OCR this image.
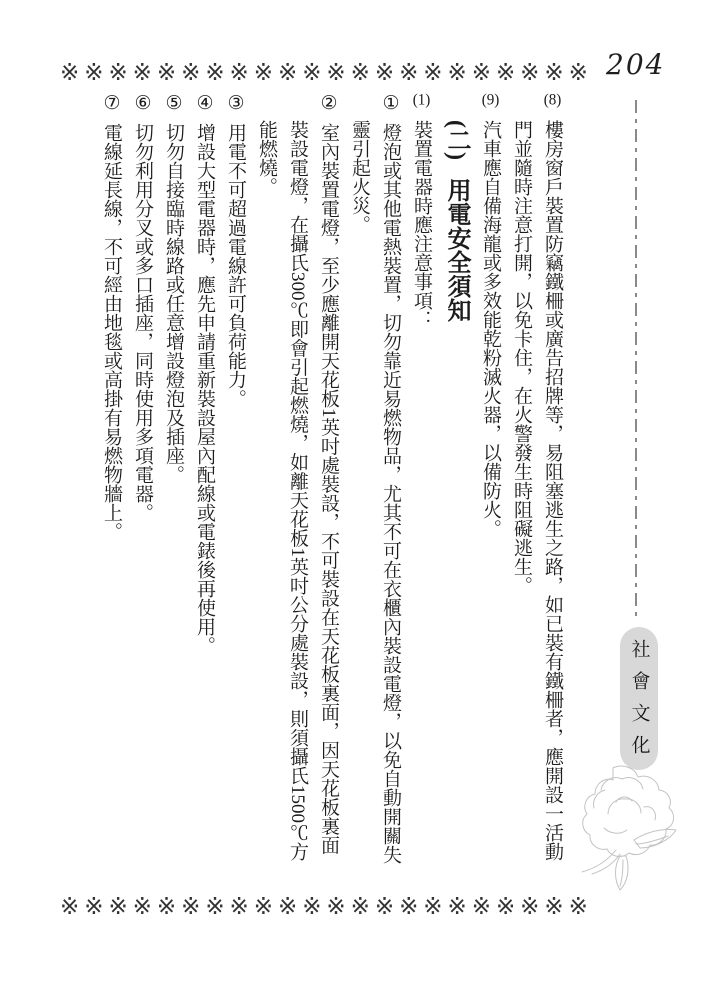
※ ※ ※ ※ ※ ※ ※ ※ ※ ※ ※ ※ ※ ※ ※ ※ ※ ※ ※ ※ ※ ※ 204
社會文化

(8)樓房窗戶裝置防竊鐵柵或廣告招牌等，易阻塞逃生之路，如已裝有鐵柵者，應開設一活動門並隨時注意打開，以免卡住，在火警發生時阻礙逃生。

(9)汽車應自備海龍或多效能乾粉滅火器，以備防火。

(二)用電安全須知

(1)裝置電器時應注意事項：

①燈泡或其他電熱裝置，切勿靠近易燃物品，尤其不可在衣櫃內裝設電燈，以免自動開關失靈引起火災。

②室內裝置電燈，至少應離開天花板1英吋處裝設，不可裝設在天花板裏面，因天花板裏面裝設電燈，在攝氏300℃即會引起燃燒，如離天花板1英吋公分處裝設，則須攝氏1500℃方能燃燒。

③用電不可超過電線許可負荷能力。

④增設大型電器時，應先申請重新裝設屋內配線或電錶後再使用。

⑤切勿自接臨時線路或任意增設燈泡及插座。

⑥切勿利用分叉或多口插座，同時使用多項電器。

⑦電線延長線，不可經由地毯或高掛有易燃物牆上。

※ ※ ※ ※ ※ ※ ※ ※ ※ ※ ※ ※ ※ ※ ※ ※ ※ ※ ※ ※ ※ ※
